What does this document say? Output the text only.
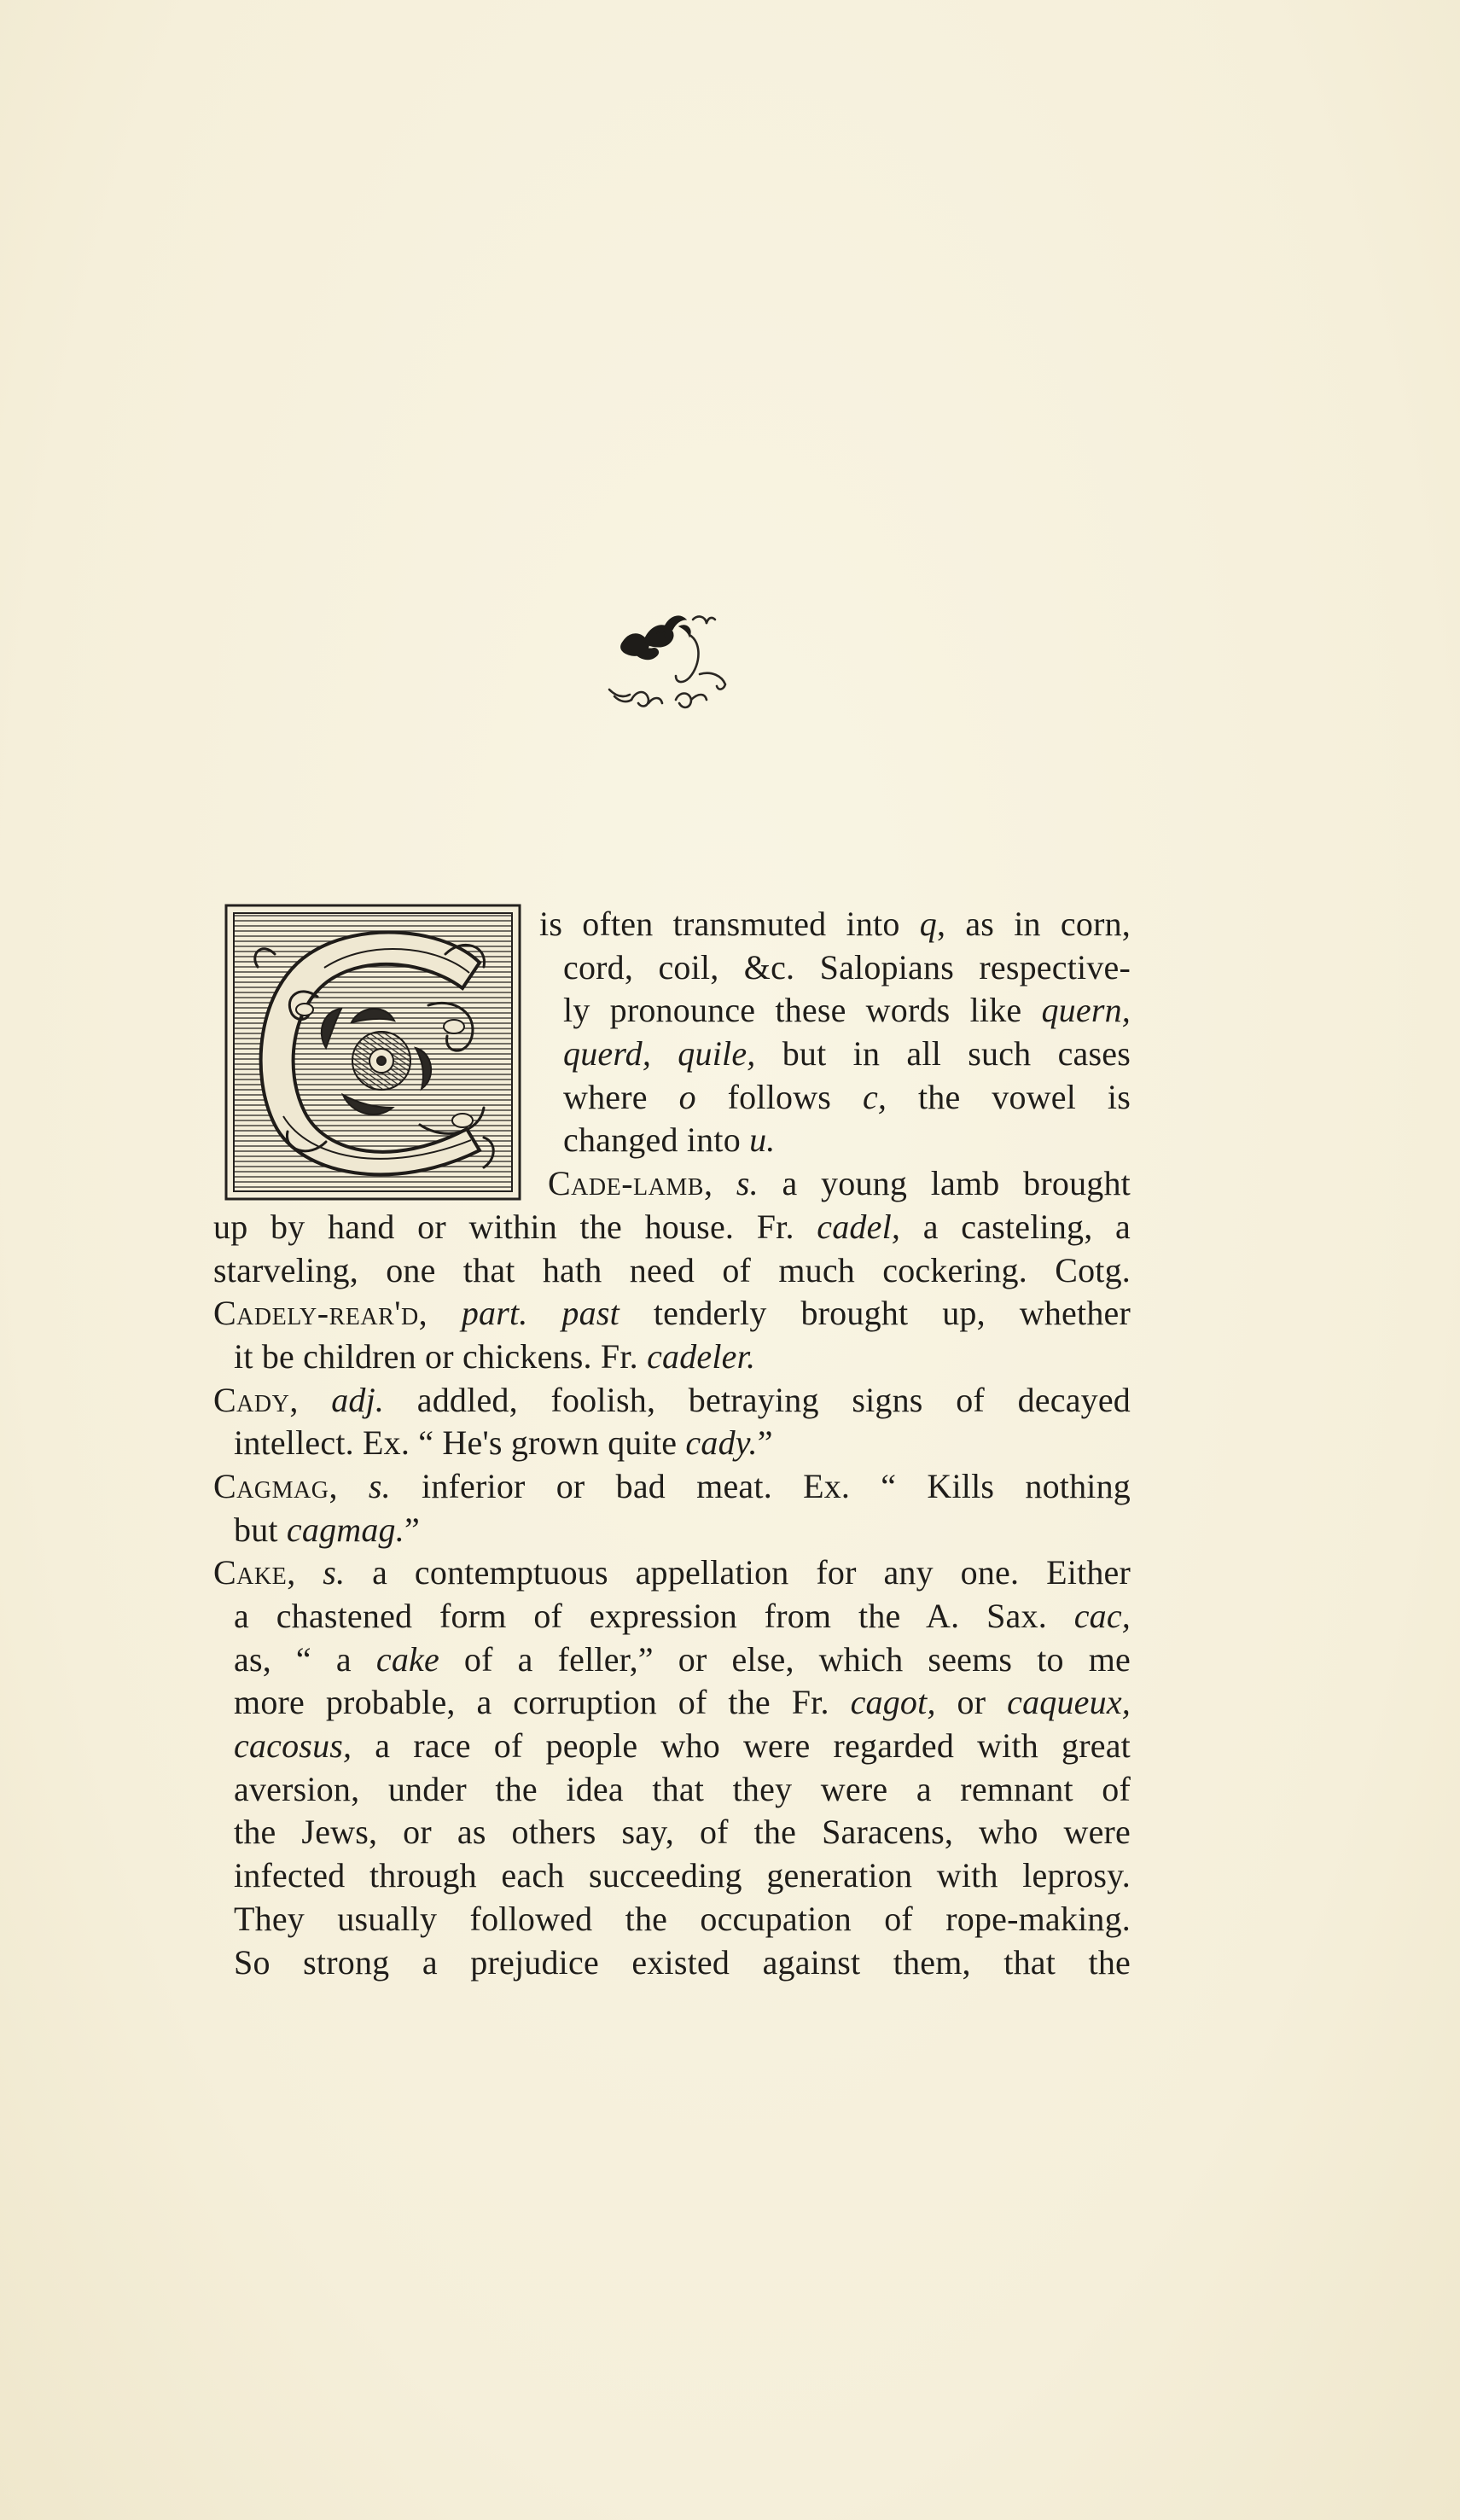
is often transmuted into q, as in corn,
cord, coil, &c. Salopians respective-
ly pronounce these words like quern,
querd, quile, but in all such cases
where o follows c, the vowel is
changed into u.
Cade-lamb, s. a young lamb brought
up by hand or within the house. Fr. cadel, a casteling, a
starveling, one that hath need of much cockering. Cotg.
Cadely-rear'd, part. past tenderly brought up, whether
it be children or chickens. Fr. cadeler.
Cady, adj. addled, foolish, betraying signs of decayed
intellect. Ex. “ He's grown quite cady.”
Cagmag, s. inferior or bad meat. Ex. “ Kills nothing
but cagmag.”
Cake, s. a contemptuous appellation for any one. Either
a chastened form of expression from the A. Sax. cac,
as, “ a cake of a feller,” or else, which seems to me
more probable, a corruption of the Fr. cagot, or caqueux,
cacosus, a race of people who were regarded with great
aversion, under the idea that they were a remnant of
the Jews, or as others say, of the Saracens, who were
infected through each succeeding generation with leprosy.
They usually followed the occupation of rope-making.
So strong a prejudice existed against them, that the
